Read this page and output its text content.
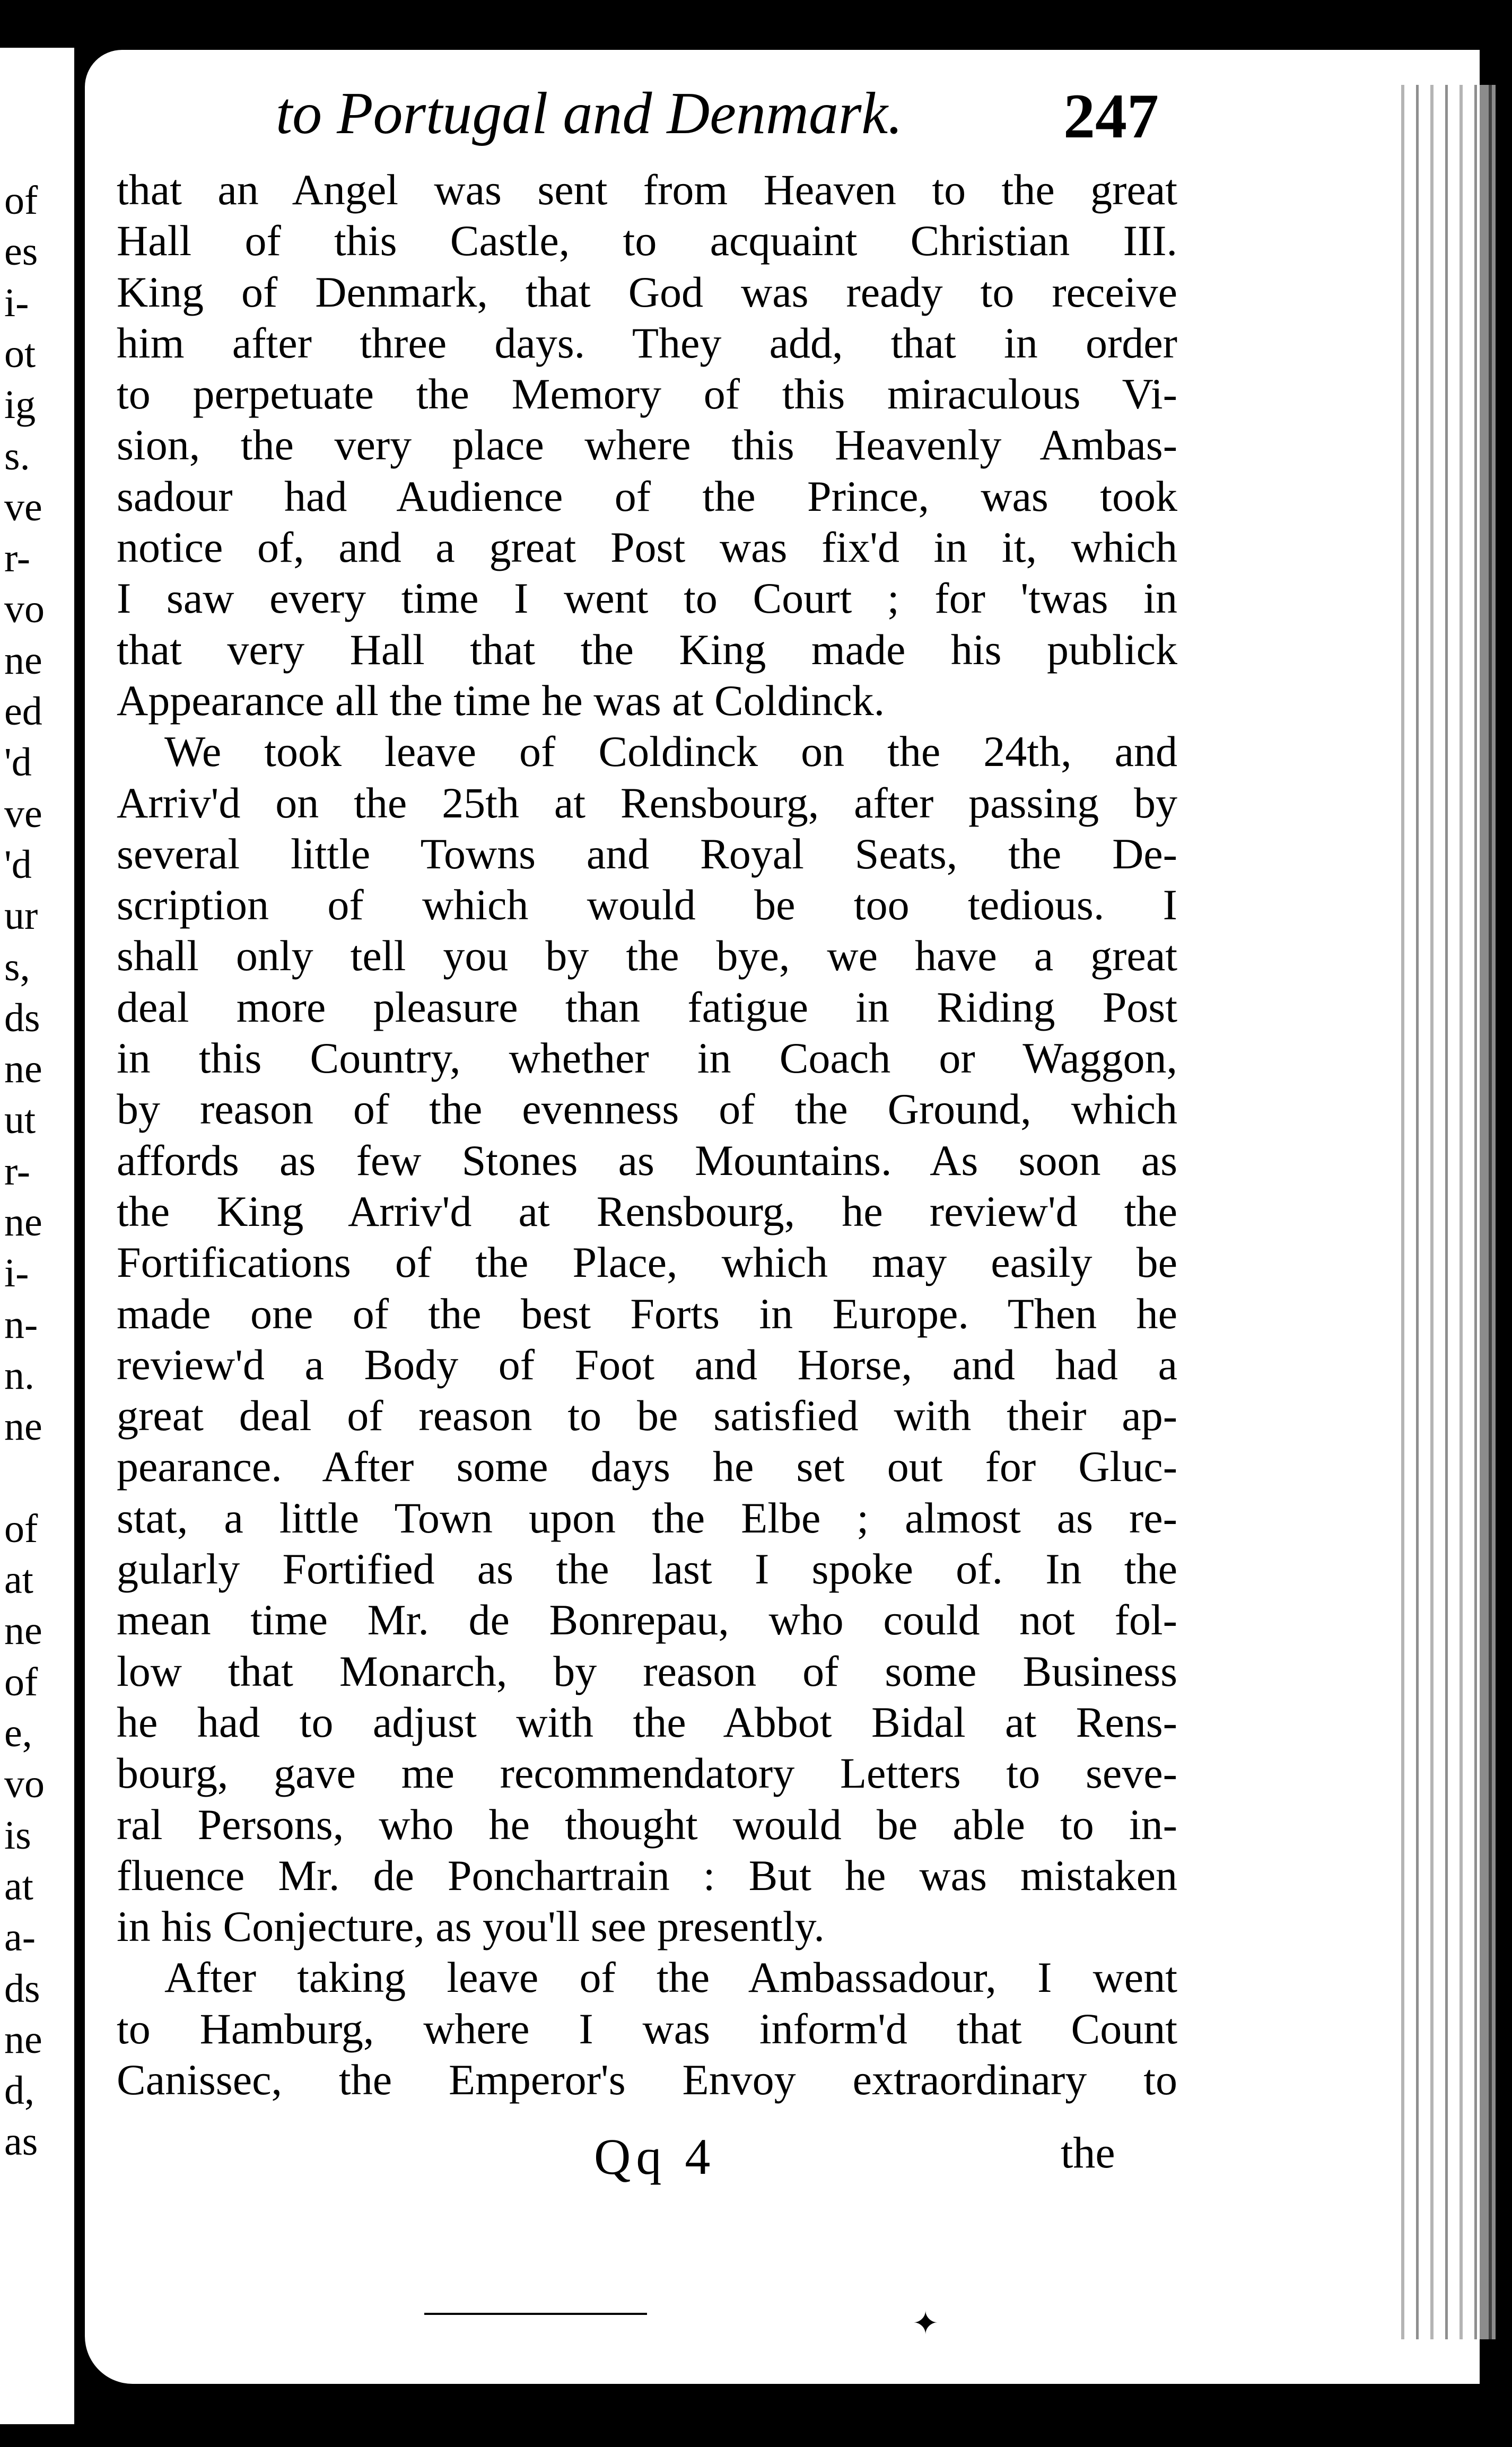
of
es
i-
ot
ig
s.
ve
r-
vo
ne
ed
'd
ve
'd
ur
s,
ds
ne
ut
r-
ne
i-
n-
n.
ne
of
at
ne
of
e,
vo
is
at
a-
ds
ne
d,
as
to Portugal and Denmark.	247
that an Angel was sent from Heaven to the great
Hall of this Castle, to acquaint Christian III.
King of Denmark, that God was ready to receive
him after three days. They add, that in order
to perpetuate the Memory of this miraculous Vi-
sion, the very place where this Heavenly Ambas-
sadour had Audience of the Prince, was took
notice of, and a great Post was fix'd in it, which
I saw every time I went to Court ; for 'twas in
that very Hall that the King made his publick
Appearance all the time he was at Coldinck.
We took leave of Coldinck on the 24th, and
Arriv'd on the 25th at Rensbourg, after passing by
several little Towns and Royal Seats, the De-
scription of which would be too tedious. I
shall only tell you by the bye, we have a great
deal more pleasure than fatigue in Riding Post
in this Country, whether in Coach or Waggon,
by reason of the evenness of the Ground, which
affords as few Stones as Mountains. As soon as
the King Arriv'd at Rensbourg, he review'd the
Fortifications of the Place, which may easily be
made one of the best Forts in Europe. Then he
review'd a Body of Foot and Horse, and had a
great deal of reason to be satisfied with their ap-
pearance. After some days he set out for Gluc-
stat, a little Town upon the Elbe ; almost as re-
gularly Fortified as the last I spoke of. In the
mean time Mr. de Bonrepau, who could not fol-
low that Monarch, by reason of some Business
he had to adjust with the Abbot Bidal at Rens-
bourg, gave me recommendatory Letters to seve-
ral Persons, who he thought would be able to in-
fluence Mr. de Ponchartrain : But he was mistaken
in his Conjecture, as you'll see presently.
After taking leave of the Ambassadour, I went
to Hamburg, where I was inform'd that Count
Canissec, the Emperor's Envoy extraordinary to
Qq 4	the
✦
